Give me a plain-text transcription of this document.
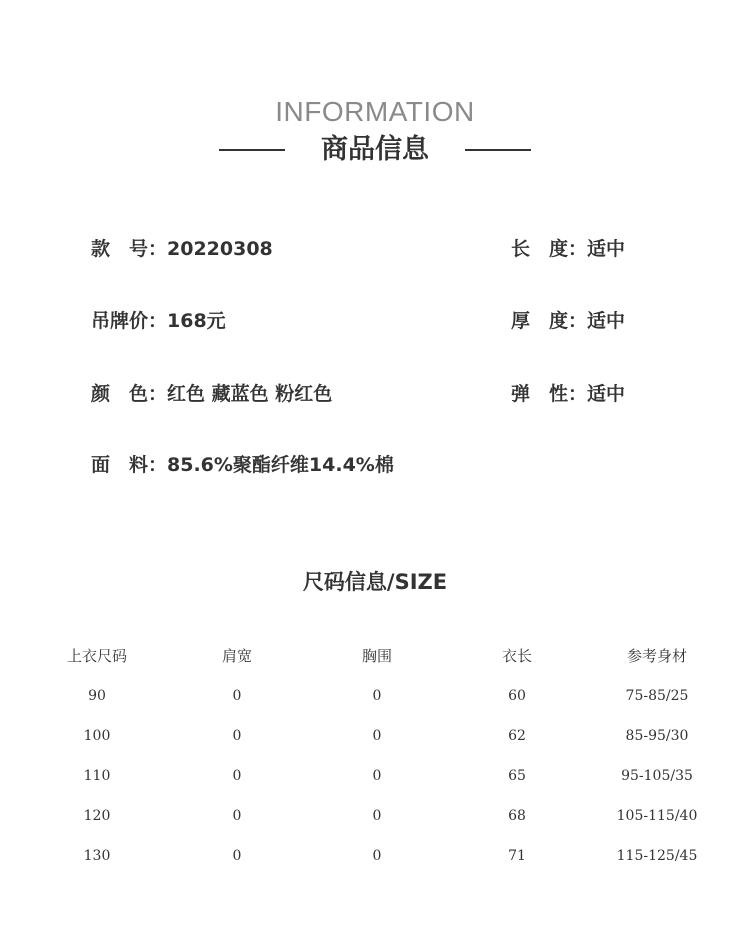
INFORMATION
商品信息
款　号：20220308
吊牌价：168元
颜　色：红色 藏蓝色 粉红色
面　料：85.6%聚酯纤维14.4%棉
长　度：适中
厚　度：适中
弹　性：适中
尺码信息/SIZE
上衣尺码	肩宽	胸围	衣长	参考身材
90	0	0	60	75-85/25
100	0	0	62	85-95/30
110	0	0	65	95-105/35
120	0	0	68	105-115/40
130	0	0	71	115-125/45
